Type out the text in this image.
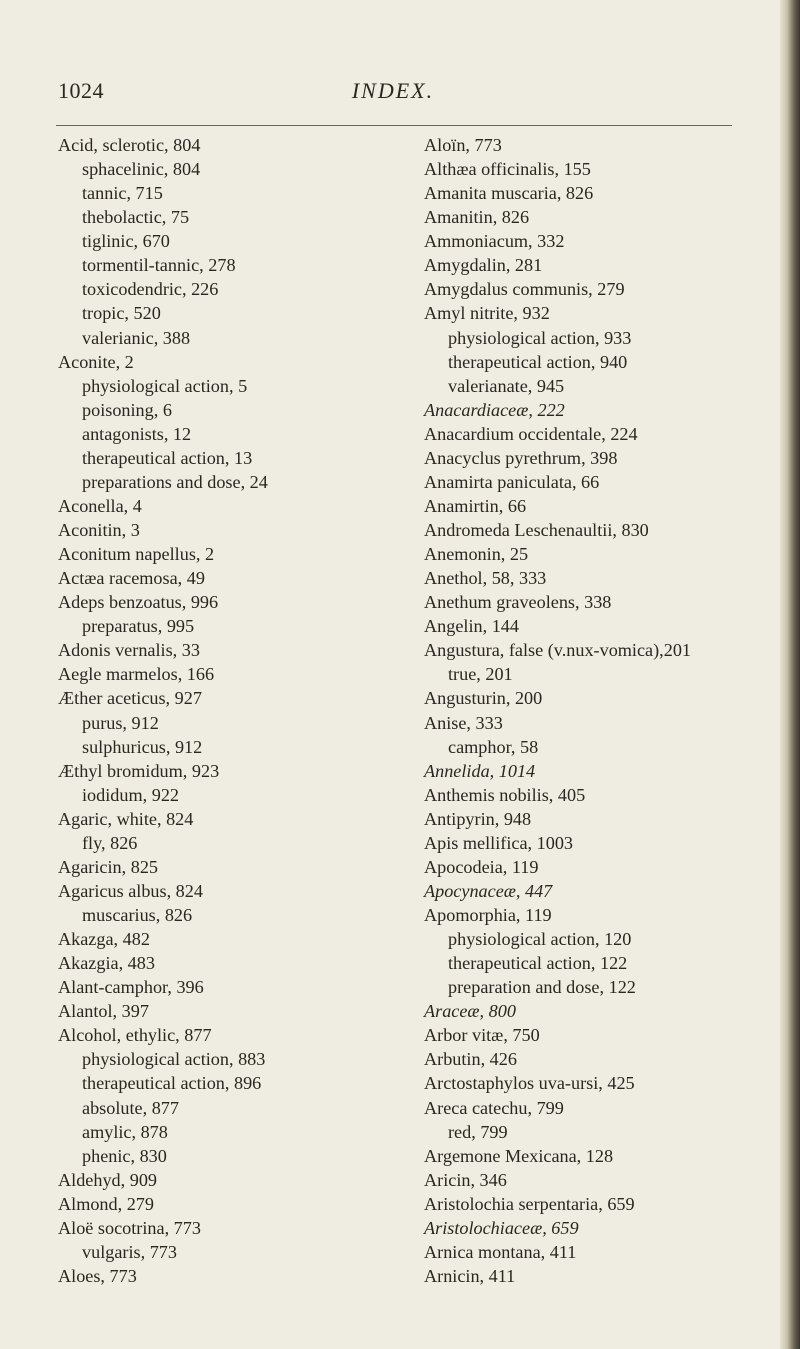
1024	INDEX.
Acid, sclerotic, 804
sphacelinic, 804
tannic, 715
thebolactic, 75
tiglinic, 670
tormentil-tannic, 278
toxicodendric, 226
tropic, 520
valerianic, 388
Aconite, 2
physiological action, 5
poisoning, 6
antagonists, 12
therapeutical action, 13
preparations and dose, 24
Aconella, 4
Aconitin, 3
Aconitum napellus, 2
Actæa racemosa, 49
Adeps benzoatus, 996
preparatus, 995
Adonis vernalis, 33
Aegle marmelos, 166
Æther aceticus, 927
purus, 912
sulphuricus, 912
Æthyl bromidum, 923
iodidum, 922
Agaric, white, 824
fly, 826
Agaricin, 825
Agaricus albus, 824
muscarius, 826
Akazga, 482
Akazgia, 483
Alant-camphor, 396
Alantol, 397
Alcohol, ethylic, 877
physiological action, 883
therapeutical action, 896
absolute, 877
amylic, 878
phenic, 830
Aldehyd, 909
Almond, 279
Aloë socotrina, 773
vulgaris, 773
Aloes, 773
Aloïn, 773
Althæa officinalis, 155
Amanita muscaria, 826
Amanitin, 826
Ammoniacum, 332
Amygdalin, 281
Amygdalus communis, 279
Amyl nitrite, 932
physiological action, 933
therapeutical action, 940
valerianate, 945
Anacardiaceæ, 222
Anacardium occidentale, 224
Anacyclus pyrethrum, 398
Anamirta paniculata, 66
Anamirtin, 66
Andromeda Leschenaultii, 830
Anemonin, 25
Anethol, 58, 333
Anethum graveolens, 338
Angelin, 144
Angustura, false (v.nux-vomica),201
true, 201
Angusturin, 200
Anise, 333
camphor, 58
Annelida, 1014
Anthemis nobilis, 405
Antipyrin, 948
Apis mellifica, 1003
Apocodeia, 119
Apocynaceæ, 447
Apomorphia, 119
physiological action, 120
therapeutical action, 122
preparation and dose, 122
Araceæ, 800
Arbor vitæ, 750
Arbutin, 426
Arctostaphylos uva-ursi, 425
Areca catechu, 799
red, 799
Argemone Mexicana, 128
Aricin, 346
Aristolochia serpentaria, 659
Aristolochiaceæ, 659
Arnica montana, 411
Arnicin, 411
